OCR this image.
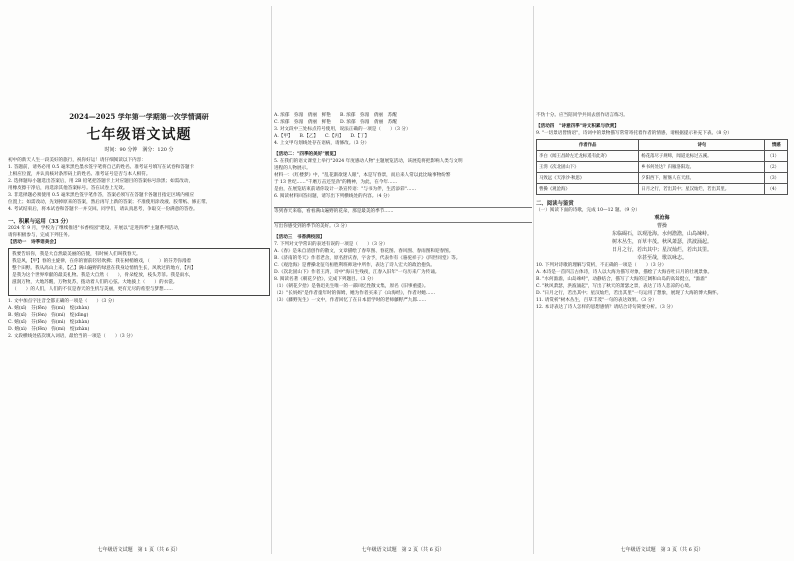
2024—2025 学年第一学期第一次学情调研
七年级语文试题
时间：90 分钟　满分：120 分
初中的新天人生一段美好的旅行，祝你好运！请仔细阅读以下内容：
1. 答题前，请务必用 0.5 毫米黑色墨水签字笔将自己的姓名、准考证号填写在试卷和答题卡
上相应位置，并认真核对条形码上的姓名、准考证号是否与本人相符。
2. 选择题每小题选出答案后，用 2B 铅笔把答题卡上对应题目的答案标号涂黑；如需改动，
用橡皮擦干净后，再选涂其他答案标号。答在试卷上无效。
3. 非选择题必须使用 0.5 毫米黑色签字笔作答，答案必须写在答题卡各题目指定区域内相应
位置上；如需改动，先划掉原来的答案，然后再写上新的答案；不准使用涂改液、胶带纸、修正带。
4. 考试结束后，将本试卷和答题卡一并交回。同学们，请认真思考，争取交一份满意的答卷。
一、积累与运用（33 分）
2024 年 9 月，学校为了继续推进"书香校园"建设，开展以"走进四季"主题系列活动，
请你积极参与，完成下列任务。
【活动一　诗季语美会】
我要告诉你，我是大自然最美丽的信使，有时候人们叫我春天。
我是风，【甲】春的主旋律，在你的窗前轻轻吹拂；我在树梢嬉戏，（　　）的芬芳弥漫着
整个田野。我从高山上来，【乙】满山遍野的绿意在我身边悄悄生长，风吹过的地方，【丙】
是我为这个世界奉献的最美礼物。我是大自然（　　），骨朵绽放，枝头芳菲。我是雨水，
滋润万物，大地苏醒，万物复苏，拨动着人们的心弦。大地披上（　　）的衣裳。
（　　）的人们，人们的不仅是春天的生机与美丽，更有无尽的希望与梦想……
1. 文中加点字注音全都正确的一项是（　　）（3 分）
A. 嬉(xī)　芬(fēn)　弥(mí)　绽(zhàn)
B. 嬉(xī)　芬(fèn)　弥(mí)　绽(dìng)
C. 嬉(xī)　芬(fēn)　弥(mì)　绽(zhàn)
D. 嬉(xì)　芬(fēn)　弥(mí)　绽(zhàn)
2. 文段横线处依次填入词语，最恰当的一项是（　　）（3 分）
七年级语文试题　第 1 页（共 6 页）
A. 浓郁　弥漫　倩丽　鲜艳　　B. 浓郁　弥漫　倩丽　苏醒
C. 浓郁　弥漫　倩丽　鲜艳　　D. 浓郁　弥漫　倩丽　苏醒
3. 对文段中三处标点符号使用，说法正确的一项是（　　）（3 分）
A.【甲】　　B.【乙】　　C.【丙】　　D.【丁】
4. 上文甲句划线处存在语病，请修改。（3 分）
【活动二："四季的美好"展览】
5. 在我们的语文课堂上举行"2024 年度感动人物"主题展览活动，该展览将把影响人类与文明
进程的人物展示。
材料一：《红楼梦》中，"乱花渐欲迷人眼"，本是写春景，而后来人常以此比喻事物纷繁
于 13 世纪……"千磨万击还坚劲"的精神，为此，在今年……
是由，在展览结束前请你设计一条宣传语："与书为伴，生活添彩"……
6. 阅读材料回答问题，请写出下列横线处的内容。（4 分）

等到春天来临，看看满山遍野的花朵，那是最美的季节……

写出你感受到的季节的美好。（3 分）
【活动三　书香满校园】
7. 下列对文学常识的表述有误的一项是（　　）（3 分）
A.《春》是朱自清创作的散文，文章描绘了春草图、春花图、春风图、春雨图和迎春图。
B.《济南的冬天》作者老舍，原名舒庆春，字舍予，代表作有《骆驼祥子》《四世同堂》等。
C.《观沧海》是曹操北征乌桓胜利班师途中所作，表达了诗人宏大的政治抱负。
D.《次北固山下》作者王湾，诗中"海日生残夜，江春入旧年"一句历来广为传诵。
8. 阅读名著《朝花夕拾》，完成下列题目。（3 分）
（1）《朝花夕拾》是鲁迅先生唯一的一部回忆性散文集，原名《旧事重提》。
（2）"长妈妈"是作者童年时的保姆，她为作者买来了《山海经》，作者对她……
（3）《藤野先生》一文中，作者回忆了在日本留学时的老师藤野严九郎……
七年级语文试题　第 2 页（共 6 页）
不伪十分。应当陪同学共同去创作语言练习。
【活动四　"诗意四季"诗文积累与欣赏】
9. "一切景语皆情语"，诗词中的景物描写常常寄托着作者的情感，请根据提示补充下表。（8 分）
作者作品	诗句	情感
李白《闻王昌龄左迁龙标遥有此寄》	杨花落尽子规啼，闻道龙标过五溪。	（1）
王湾《次北固山下》	乡书何处达？归雁洛阳边。	（2）
马致远《天净沙·秋思》	夕阳西下，断肠人在天涯。	（3）
曹操《观沧海》	日月之行，若出其中；星汉灿烂，若出其里。	（4）
二、阅读与鉴赏
（一）阅读下面的诗歌，完成 10—12 题。（9 分）
观沧海
曹操
东临碣石，以观沧海。水何澹澹，山岛竦峙。
树木丛生，百草丰茂。秋风萧瑟，洪波涌起。
日月之行，若出其中；星汉灿烂，若出其里。
幸甚至哉，歌以咏志。
10. 下列对诗歌的理解与赏析，不正确的一项是（　　）（3 分）
A. 本诗是一首四言古体诗，诗人以大海为描写对象，描绘了大海吞吐日月的壮观景象。
B. "水何澹澹，山岛竦峙"，动静结合，描写了大海的辽阔和山岛的高耸挺立，"澹澹"
C. "秋风萧瑟，洪波涌起"，写出了秋天的萧瑟之景，表达了诗人悲凉的心境。
D. "日月之行，若出其中；星汉灿烂，若出其里"一句运用了想象，展现了大海的博大胸怀。
11. 请赏析"树木丛生，百草丰茂"一句的表达效果。（3 分）
12. 本诗表达了诗人怎样的思想感情？请结合诗句简要分析。（3 分）
七年级语文试题　第 3 页（共 6 页）
